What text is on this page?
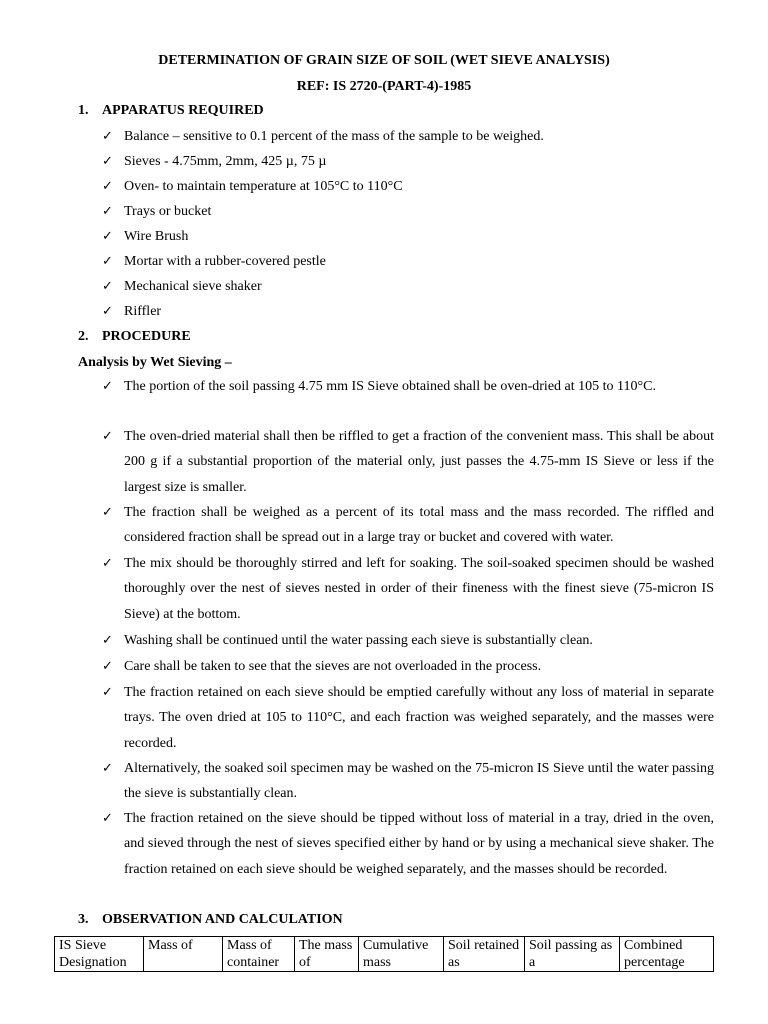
DETERMINATION OF GRAIN SIZE OF SOIL (WET SIEVE ANALYSIS)
REF: IS 2720-(PART-4)-1985
1. APPARATUS REQUIRED
✓ Balance – sensitive to 0.1 percent of the mass of the sample to be weighed.
✓ Sieves - 4.75mm, 2mm, 425 µ, 75 µ
✓ Oven- to maintain temperature at 105°C to 110°C
✓ Trays or bucket
✓ Wire Brush
✓ Mortar with a rubber-covered pestle
✓ Mechanical sieve shaker
✓ Riffler
2. PROCEDURE
Analysis by Wet Sieving –
✓ The portion of the soil passing 4.75 mm IS Sieve obtained shall be oven-dried at 105 to 110°C.
✓ The oven-dried material shall then be riffled to get a fraction of the convenient mass. This shall be about 200 g if a substantial proportion of the material only, just passes the 4.75-mm IS Sieve or less if the largest size is smaller.
✓ The fraction shall be weighed as a percent of its total mass and the mass recorded. The riffled and considered fraction shall be spread out in a large tray or bucket and covered with water.
✓ The mix should be thoroughly stirred and left for soaking. The soil-soaked specimen should be washed thoroughly over the nest of sieves nested in order of their fineness with the finest sieve (75-micron IS Sieve) at the bottom.
✓ Washing shall be continued until the water passing each sieve is substantially clean.
✓ Care shall be taken to see that the sieves are not overloaded in the process.
✓ The fraction retained on each sieve should be emptied carefully without any loss of material in separate trays. The oven dried at 105 to 110°C, and each fraction was weighed separately, and the masses were recorded.
✓ Alternatively, the soaked soil specimen may be washed on the 75-micron IS Sieve until the water passing the sieve is substantially clean.
✓ The fraction retained on the sieve should be tipped without loss of material in a tray, dried in the oven, and sieved through the nest of sieves specified either by hand or by using a mechanical sieve shaker. The fraction retained on each sieve should be weighed separately, and the masses should be recorded.
3. OBSERVATION AND CALCULATION
IS Sieve Designation	Mass of	Mass of container	The mass of	Cumulative mass	Soil retained as	Soil passing as a	Combined percentage
